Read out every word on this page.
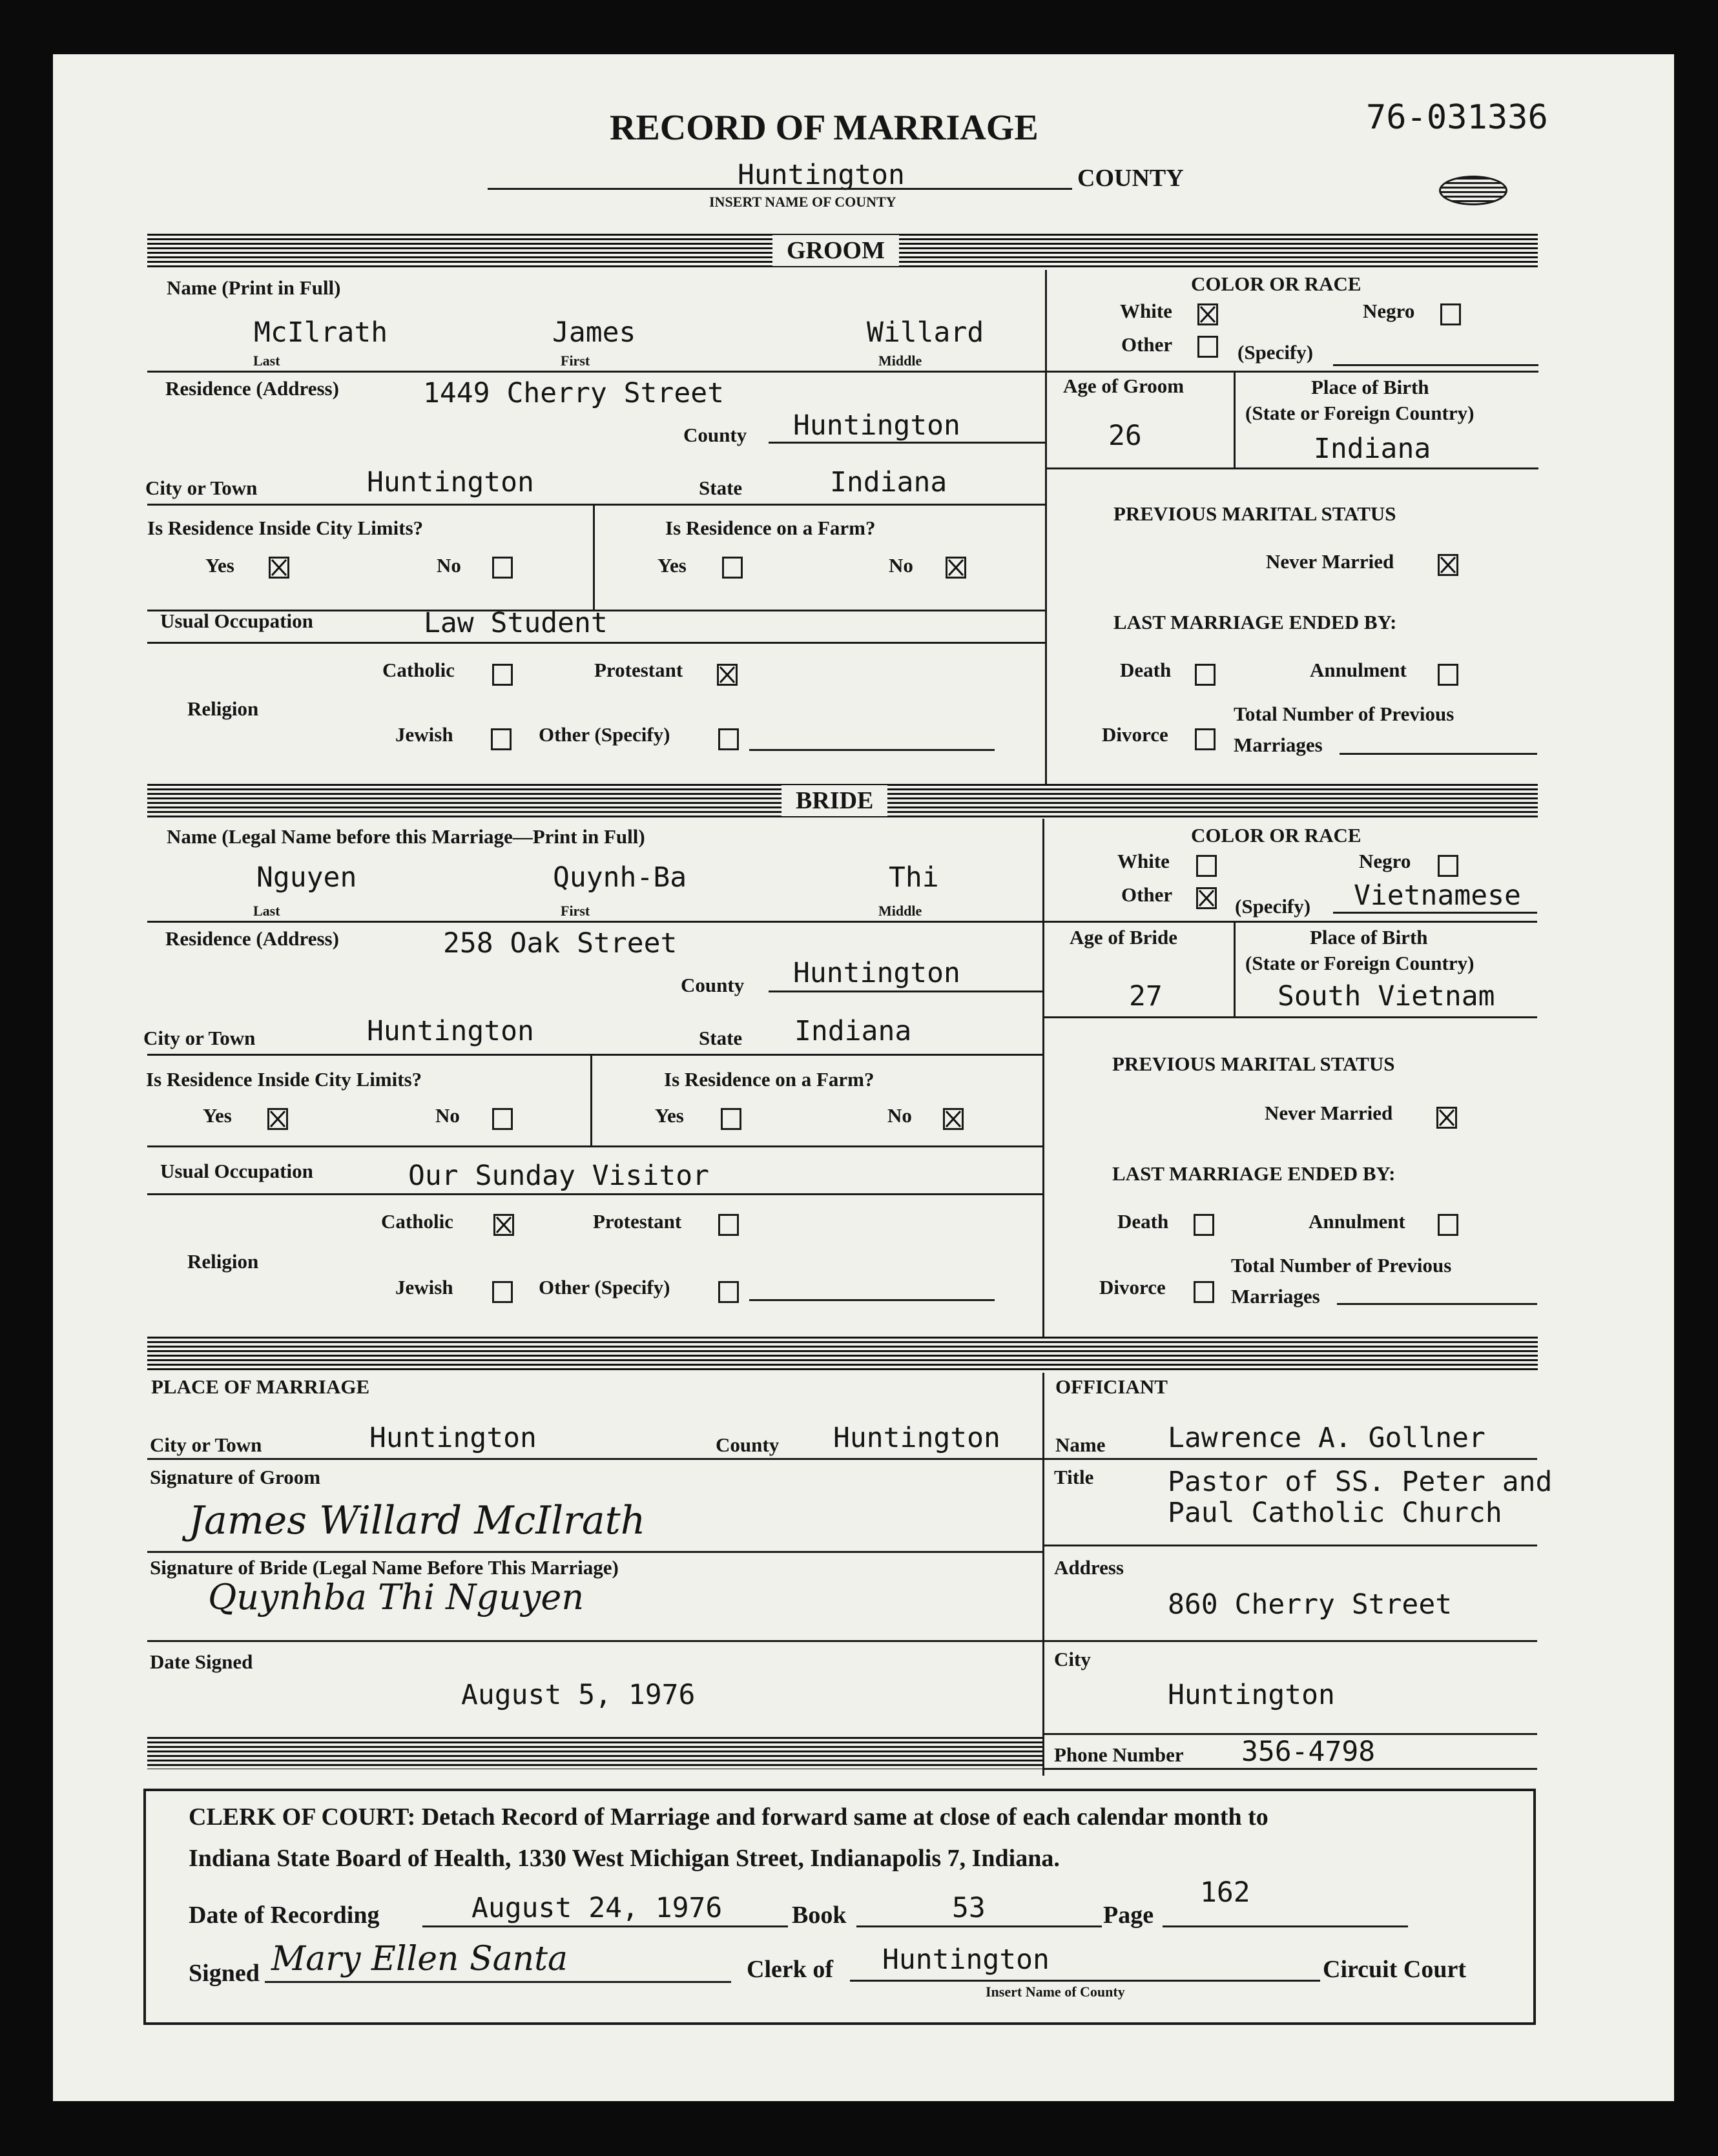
RECORD OF MARRIAGE	76-031336
Huntington	COUNTY
INSERT NAME OF COUNTY
GROOM
Name (Print in Full)
McIlrath	James	Willard
Last	First	Middle
Residence (Address)	1449 Cherry Street
County Huntington
City or Town	Huntington	State	Indiana
Is Residence Inside City Limits?	Is Residence on a Farm?
Yes	No	Yes	No
Usual Occupation	Law Student
Catholic	Protestant
Religion
Jewish	Other (Specify)
COLOR OR RACE
White	Negro
Other	(Specify)
Age of Groom
26
Place of Birth
(State or Foreign Country)
Indiana
PREVIOUS MARITAL STATUS
Never Married
LAST MARRIAGE ENDED BY:
Death	Annulment
Divorce
Total Number of Previous
Marriages
BRIDE
Name (Legal Name before this Marriage—Print in Full)
Nguyen	Quynh-Ba	Thi
Last	First	Middle
Residence (Address)	258 Oak Street
County Huntington
City or Town	Huntington	State Indiana
Is Residence Inside City Limits?	Is Residence on a Farm?
Yes	No	Yes	No
Usual Occupation	Our Sunday Visitor
Catholic	Protestant
Religion
Jewish	Other (Specify)
COLOR OR RACE
White	Negro
Other
(Specify) Vietnamese
Age of Bride
27
Place of Birth
(State or Foreign Country)
South Vietnam
PREVIOUS MARITAL STATUS
Never Married
LAST MARRIAGE ENDED BY:
Death	Annulment
Divorce
Total Number of Previous
Marriages
PLACE OF MARRIAGE
City or Town	Huntington	County Huntington
Signature of Groom
James Willard McIlrath
Signature of Bride (Legal Name Before This Marriage)
Quynhba Thi Nguyen
Date Signed
August 5, 1976
OFFICIANT
Name Lawrence A. Gollner
Title	Pastor of SS. Peter and
Paul Catholic Church
Address
860 Cherry Street
City
Huntington
Phone Number 356-4798
CLERK OF COURT: Detach Record of Marriage and forward same at close of each calendar month to
Indiana State Board of Health, 1330 West Michigan Street, Indianapolis 7, Indiana.
Date of Recording	August 24, 1976	Book	53	Page
162
Signed Mary Ellen Santa	Clerk of Huntington
Insert Name of County
Circuit Court
